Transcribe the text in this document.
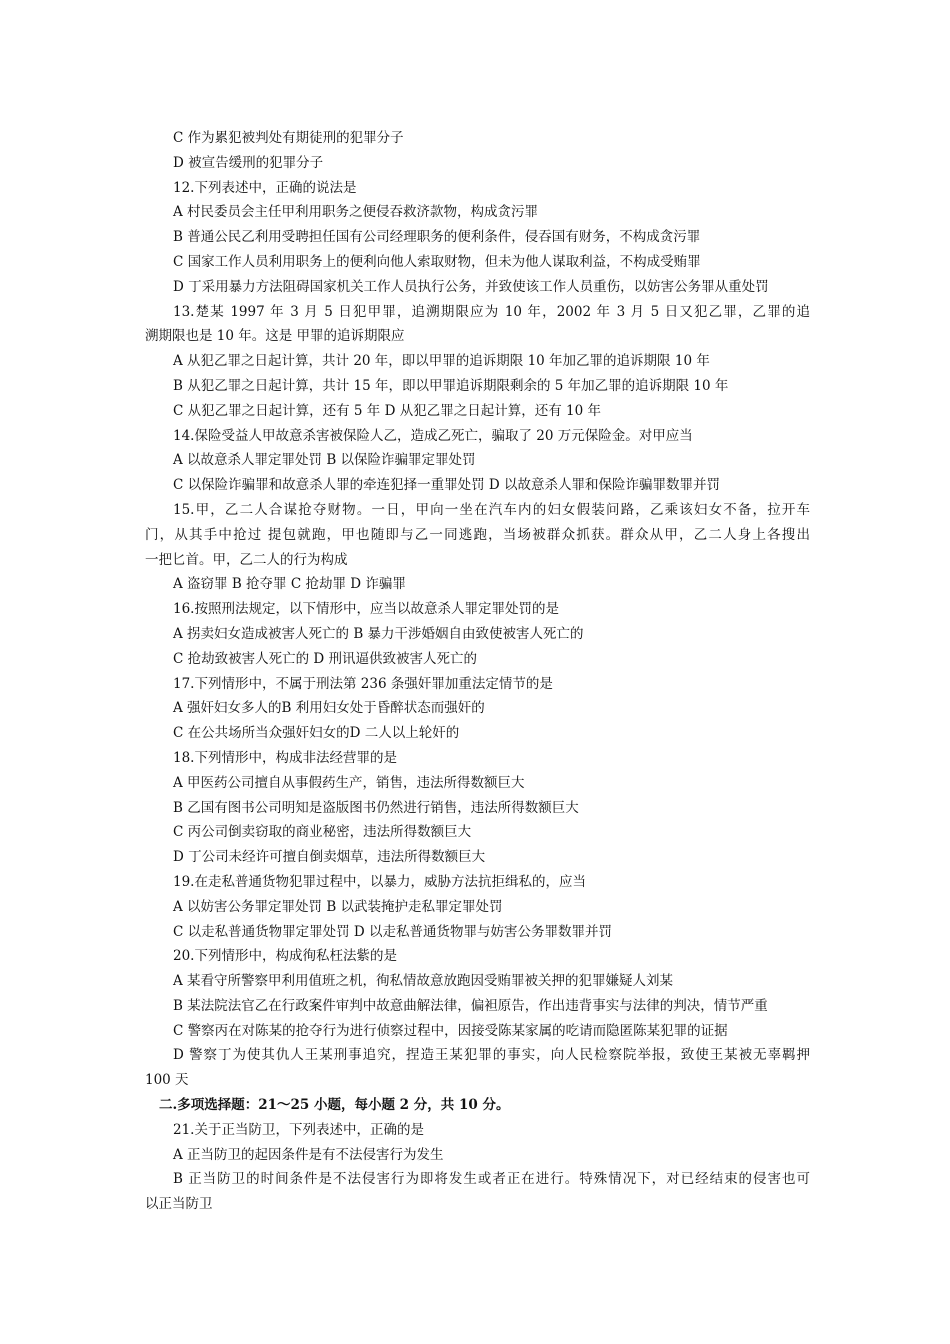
C 作为累犯被判处有期徒刑的犯罪分子
D 被宣告缓刑的犯罪分子
12.下列表述中，正确的说法是
A 村民委员会主任甲利用职务之便侵吞救济款物，构成贪污罪
B 普通公民乙利用受聘担任国有公司经理职务的便利条件，侵吞国有财务，不构成贪污罪
C 国家工作人员利用职务上的便利向他人索取财物，但未为他人谋取利益，不构成受贿罪
D 丁采用暴力方法阻碍国家机关工作人员执行公务，并致使该工作人员重伤，以妨害公务罪从重处罚
13.楚某 1997 年 3 月 5 日犯甲罪，追溯期限应为 10 年，2002 年 3 月 5 日又犯乙罪，乙罪的追
溯期限也是 10 年。这是 甲罪的追诉期限应
A 从犯乙罪之日起计算，共计 20 年，即以甲罪的追诉期限 10 年加乙罪的追诉期限 10 年
B 从犯乙罪之日起计算，共计 15 年，即以甲罪追诉期限剩余的 5 年加乙罪的追诉期限 10 年
C 从犯乙罪之日起计算，还有 5 年 D 从犯乙罪之日起计算，还有 10 年
14.保险受益人甲故意杀害被保险人乙，造成乙死亡，骗取了 20 万元保险金。对甲应当
A 以故意杀人罪定罪处罚 B 以保险诈骗罪定罪处罚
C 以保险诈骗罪和故意杀人罪的牵连犯择一重罪处罚 D 以故意杀人罪和保险诈骗罪数罪并罚
15.甲，乙二人合谋抢夺财物。一日，甲向一坐在汽车内的妇女假装问路，乙乘该妇女不备，拉开车
门，从其手中抢过 提包就跑，甲也随即与乙一同逃跑，当场被群众抓获。群众从甲，乙二人身上各搜出
一把匕首。甲，乙二人的行为构成
A 盗窃罪 B 抢夺罪 C 抢劫罪 D 诈骗罪
16.按照刑法规定，以下情形中，应当以故意杀人罪定罪处罚的是
A 拐卖妇女造成被害人死亡的 B 暴力干涉婚姻自由致使被害人死亡的
C 抢劫致被害人死亡的 D 刑讯逼供致被害人死亡的
17.下列情形中，不属于刑法第 236 条强奸罪加重法定情节的是
A 强奸妇女多人的B 利用妇女处于昏醉状态而强奸的
C 在公共场所当众强奸妇女的D 二人以上轮奸的
18.下列情形中，构成非法经营罪的是
A 甲医药公司擅自从事假药生产，销售，违法所得数额巨大
B 乙国有图书公司明知是盗版图书仍然进行销售，违法所得数额巨大
C 丙公司倒卖窃取的商业秘密，违法所得数额巨大
D 丁公司未经许可擅自倒卖烟草，违法所得数额巨大
19.在走私普通货物犯罪过程中，以暴力，威胁方法抗拒缉私的，应当
A 以妨害公务罪定罪处罚 B 以武装掩护走私罪定罪处罚
C 以走私普通货物罪定罪处罚 D 以走私普通货物罪与妨害公务罪数罪并罚
20.下列情形中，构成徇私枉法紫的是
A 某看守所警察甲利用值班之机，徇私情故意放跑因受贿罪被关押的犯罪嫌疑人刘某
B 某法院法官乙在行政案件审判中故意曲解法律，偏袒原告，作出违背事实与法律的判决，情节严重
C 警察丙在对陈某的抢夺行为进行侦察过程中，因接受陈某家属的吃请而隐匿陈某犯罪的证据
D 警察丁为使其仇人王某刑事追究，捏造王某犯罪的事实，向人民检察院举报，致使王某被无辜羁押
100 天
二.多项选择题：21～25 小题，每小题 2 分，共 10 分。
21.关于正当防卫，下列表述中，正确的是
A 正当防卫的起因条件是有不法侵害行为发生
B 正当防卫的时间条件是不法侵害行为即将发生或者正在进行。特殊情况下，对已经结束的侵害也可
以正当防卫
